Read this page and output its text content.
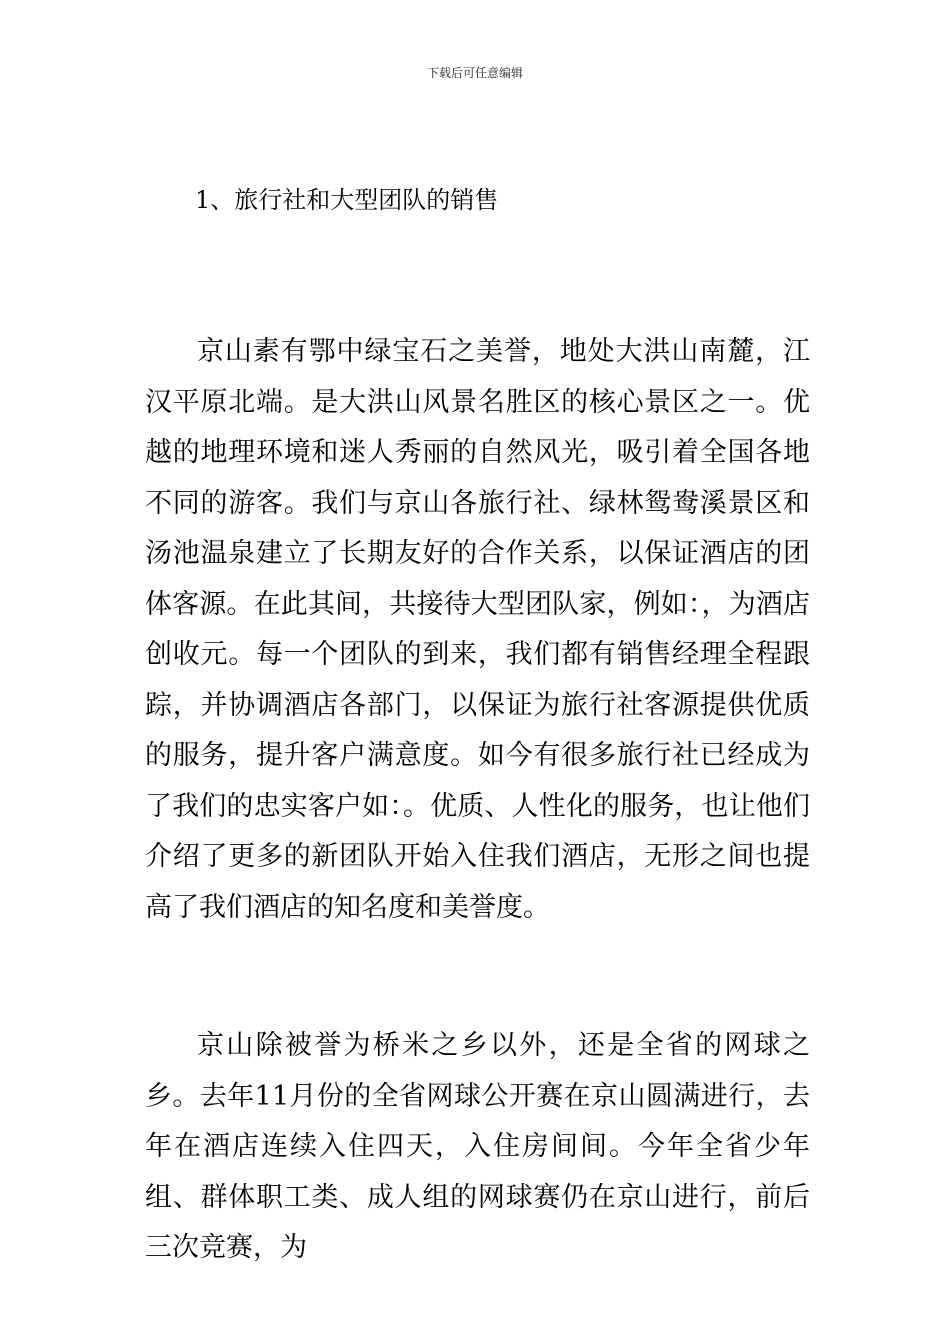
下载后可任意编辑
1、旅行社和大型团队的销售

京山素有鄂中绿宝石之美誉，地处大洪山南麓，江汉平原北端。是大洪山风景名胜区的核心景区之一。优越的地理环境和迷人秀丽的自然风光，吸引着全国各地不同的游客。我们与京山各旅行社、绿林鸳鸯溪景区和汤池温泉建立了长期友好的合作关系，以保证酒店的团体客源。在此其间，共接待大型团队家，例如：，为酒店创收元。每一个团队的到来，我们都有销售经理全程跟踪，并协调酒店各部门，以保证为旅行社客源提供优质的服务，提升客户满意度。如今有很多旅行社已经成为了我们的忠实客户如：。优质、人性化的服务，也让他们介绍了更多的新团队开始入住我们酒店，无形之间也提高了我们酒店的知名度和美誉度。

京山除被誉为桥米之乡以外，还是全省的网球之乡。去年11月份的全省网球公开赛在京山圆满进行，去年在酒店连续入住四天，入住房间间。今年全省少年组、群体职工类、成人组的网球赛仍在京山进行，前后三次竞赛，为
